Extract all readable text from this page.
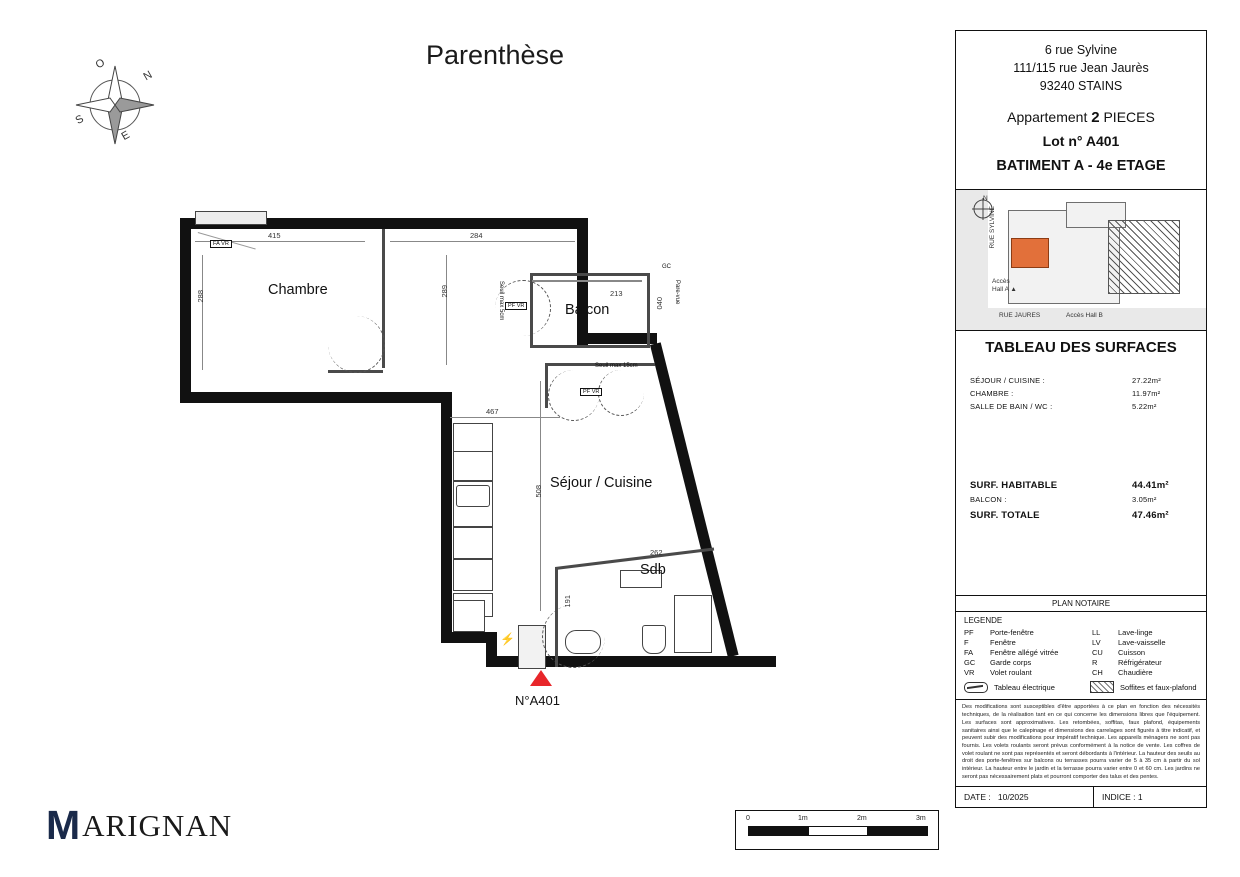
Parenthèse
O
N
S
E
⚡
415	284
288	289	213
040
467
508
262
191
FA VR
PF VR
PF VR
GC
Seuil max 5cm
Seuil max 15cm
Pare-vue
Chambre
Balcon
Séjour / Cuisine
Sdb
N°A401
6 rue Sylvine
111/115 rue Jean Jaurès
93240 STAINS
Appartement 2 PIECES
Lot n° A401
BATIMENT A - 4e ETAGE
N
RUE SYLVINE
RUE JAURES
Accès
Hall A ▲
Accès Hall B
TABLEAU DES SURFACES
SÉJOUR / CUISINE :	27.22m²
CHAMBRE :	11.97m²
SALLE DE BAIN / WC :	5.22m²
SURF. HABITABLE	44.41m²
BALCON :	3.05m²
SURF. TOTALE	47.46m²
PLAN NOTAIRE
LEGENDE
PF	Porte-fenêtre
F	Fenêtre
FA	Fenêtre allégé vitrée
GC	Garde corps
VR	Volet roulant
LL	Lave-linge
LV	Lave-vaisselle
CU	Cuisson
R	Réfrigérateur
CH	Chaudière
Tableau électrique	Soffites et faux-plafond
Des modifications sont susceptibles d'être apportées à ce plan en fonction des nécessités techniques, de la réalisation tant en ce qui concerne les dimensions libres que l'équipement. Les surfaces sont approximatives. Les retombées, soffitas, faux plafond, équipements sanitaires ainsi que le calepinage et dimensions des carrelages sont figurés à titre indicatif, et peuvent subir des modifications pour impératif technique. Les appareils ménagers ne sont pas fournis. Les volets roulants seront prévus conformément à la notice de vente. Les coffres de volet roulant ne sont pas représentés et seront débordants à l'intérieur. La hauteur des seuils au droit des porte-fenêtres sur balcons ou terrasses pourra varier de 5 à 35 cm à partir du sol intérieur. La hauteur entre le jardin et la terrasse pourra varier entre 0 et 60 cm. Les jardins ne seront pas nécessairement plats et pourront comporter des talus et des pentes.
DATE : 10/2025	INDICE : 1
0	1m	2m	3m
M ARIGNAN
